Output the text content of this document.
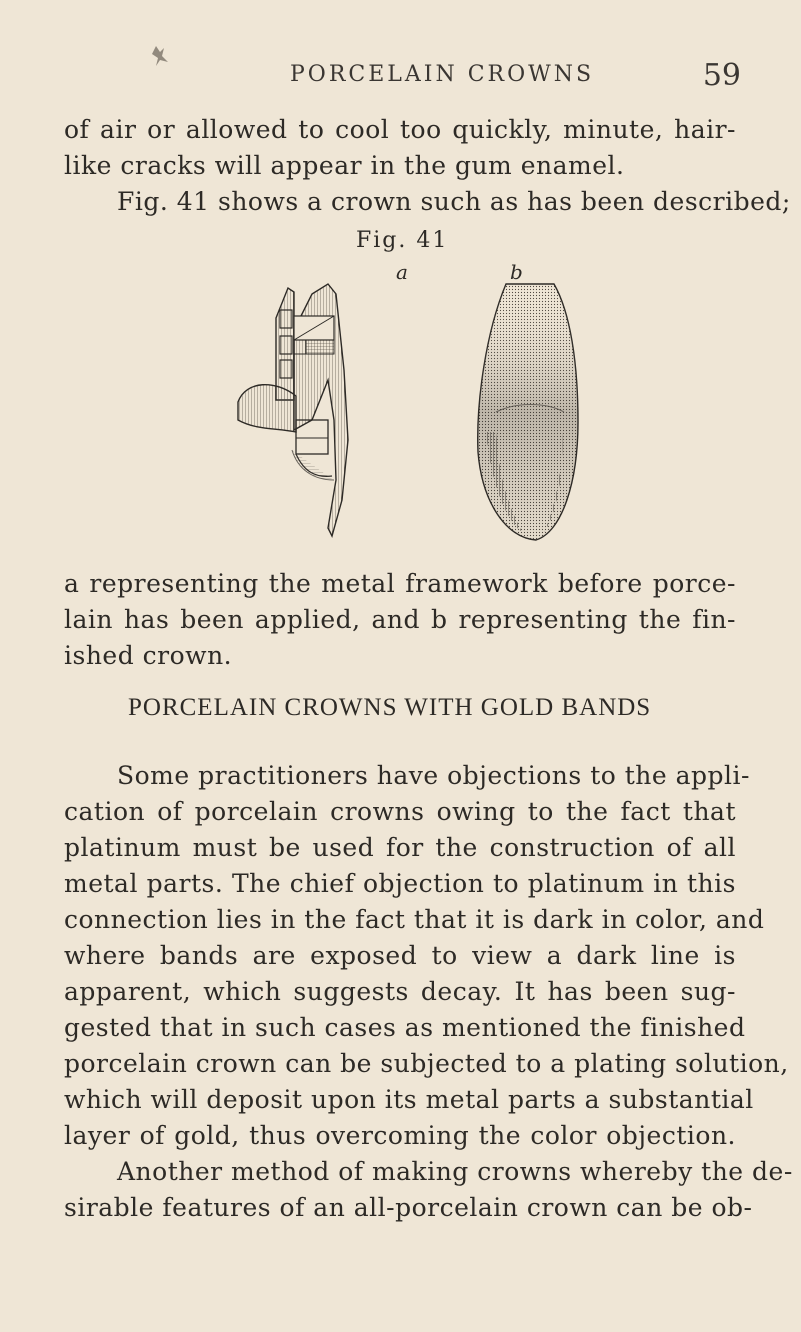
PORCELAIN CROWNS	59
of air or allowed to cool too quickly, minute, hair-
like cracks will appear in the gum enamel.
Fig. 41 shows a crown such as has been described;
Fig. 41
a	b
a representing the metal framework before porce-
lain has been applied, and b representing the fin-
ished crown.
PORCELAIN CROWNS WITH GOLD BANDS
Some practitioners have objections to the appli-
cation of porcelain crowns owing to the fact that
platinum must be used for the construction of all
metal parts. The chief objection to platinum in this
connection lies in the fact that it is dark in color, and
where bands are exposed to view a dark line is
apparent, which suggests decay. It has been sug-
gested that in such cases as mentioned the finished
porcelain crown can be subjected to a plating solution,
which will deposit upon its metal parts a substantial
layer of gold, thus overcoming the color objection.
Another method of making crowns whereby the de-
sirable features of an all-porcelain crown can be ob-
